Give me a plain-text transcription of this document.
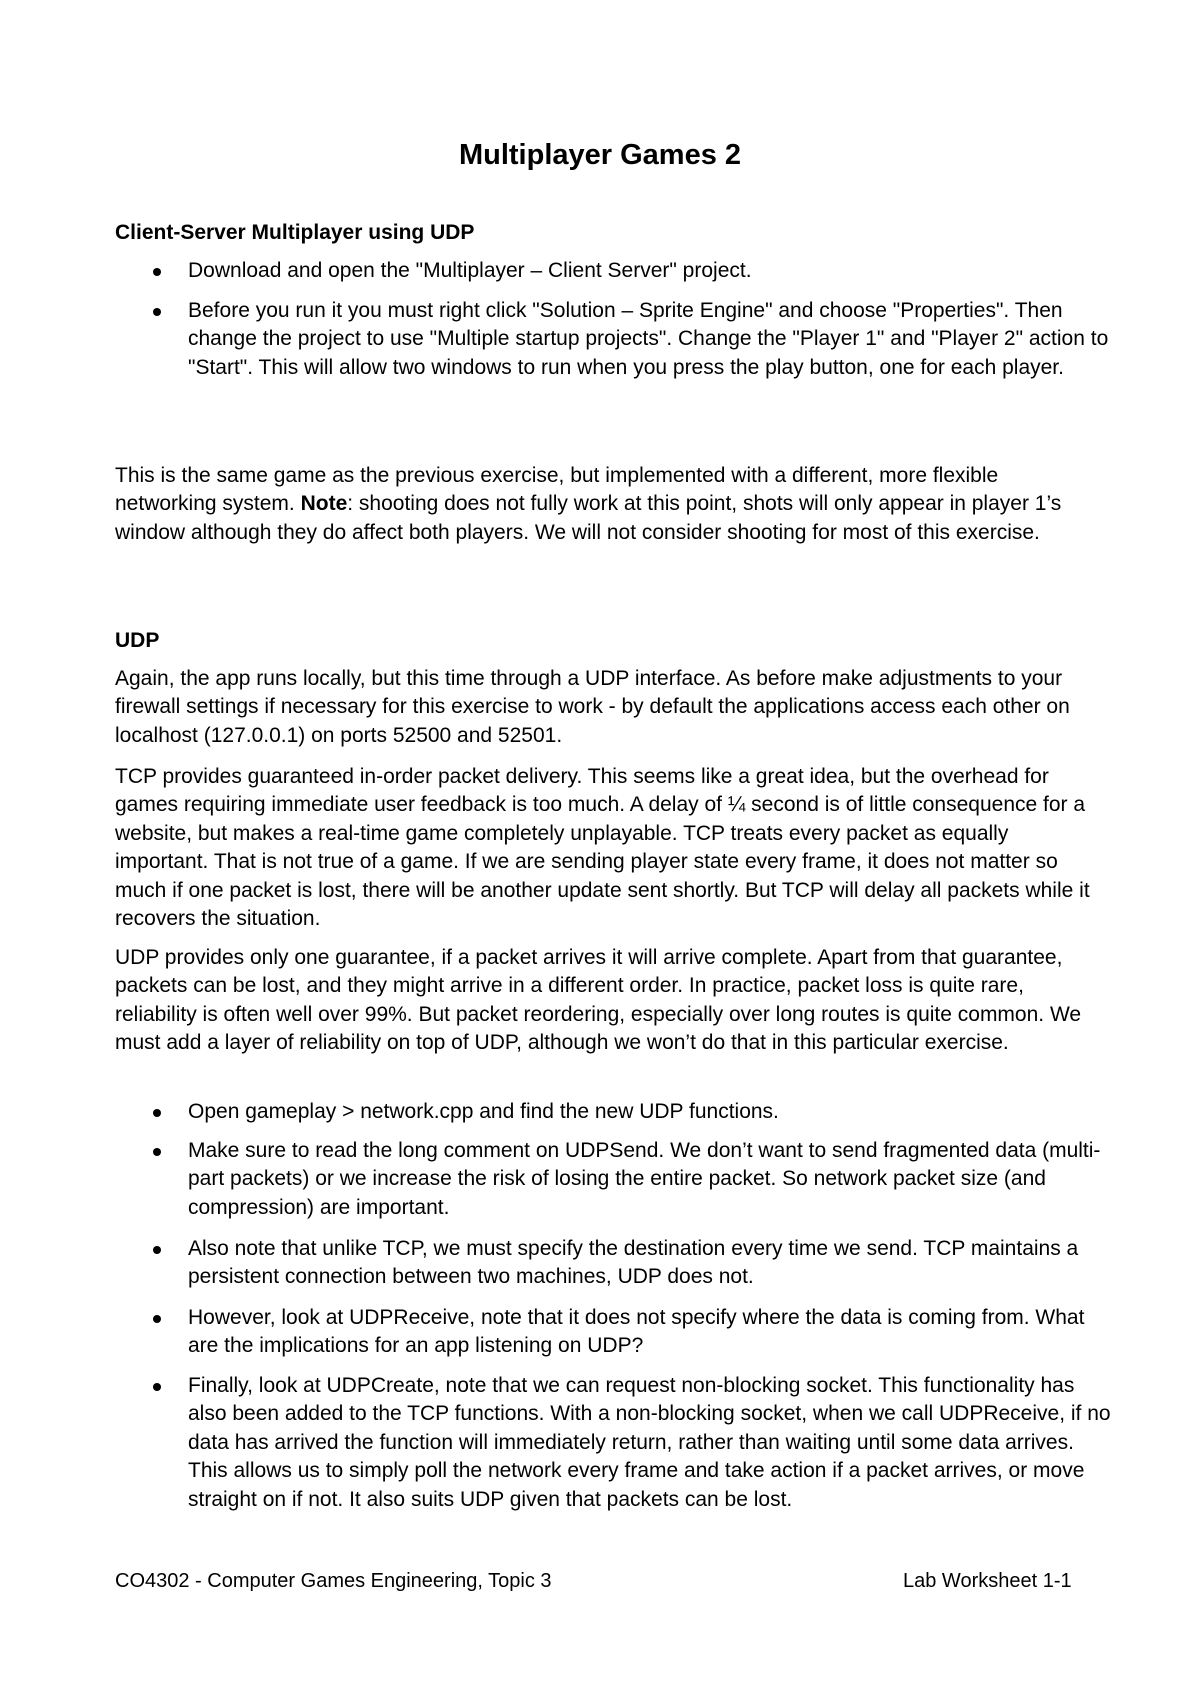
Multiplayer Games 2
Client-Server Multiplayer using UDP
Download and open the "Multiplayer – Client Server" project.
Before you run it you must right click "Solution – Sprite Engine" and choose "Properties". Then change the project to use "Multiple startup projects". Change the "Player 1" and "Player 2" action to "Start". This will allow two windows to run when you press the play button, one for each player.

This is the same game as the previous exercise, but implemented with a different, more flexible networking system. Note: shooting does not fully work at this point, shots will only appear in player 1’s window although they do affect both players. We will not consider shooting for most of this exercise.

UDP

Again, the app runs locally, but this time through a UDP interface. As before make adjustments to your firewall settings if necessary for this exercise to work - by default the applications access each other on localhost (127.0.0.1) on ports 52500 and 52501.

TCP provides guaranteed in-order packet delivery. This seems like a great idea, but the overhead for games requiring immediate user feedback is too much. A delay of ¼ second is of little consequence for a website, but makes a real-time game completely unplayable. TCP treats every packet as equally important. That is not true of a game. If we are sending player state every frame, it does not matter so much if one packet is lost, there will be another update sent shortly. But TCP will delay all packets while it recovers the situation.

UDP provides only one guarantee, if a packet arrives it will arrive complete. Apart from that guarantee, packets can be lost, and they might arrive in a different order. In practice, packet loss is quite rare, reliability is often well over 99%. But packet reordering, especially over long routes is quite common. We must add a layer of reliability on top of UDP, although we won’t do that in this particular exercise.

Open gameplay > network.cpp and find the new UDP functions.
Make sure to read the long comment on UDPSend. We don’t want to send fragmented data (multi-part packets) or we increase the risk of losing the entire packet. So network packet size (and compression) are important.
Also note that unlike TCP, we must specify the destination every time we send. TCP maintains a persistent connection between two machines, UDP does not.
However, look at UDPReceive, note that it does not specify where the data is coming from. What are the implications for an app listening on UDP?
Finally, look at UDPCreate, note that we can request non-blocking socket. This functionality has also been added to the TCP functions. With a non-blocking socket, when we call UDPReceive, if no data has arrived the function will immediately return, rather than waiting until some data arrives. This allows us to simply poll the network every frame and take action if a packet arrives, or move straight on if not. It also suits UDP given that packets can be lost.
CO4302 - Computer Games Engineering, Topic 3	Lab Worksheet 1-1
